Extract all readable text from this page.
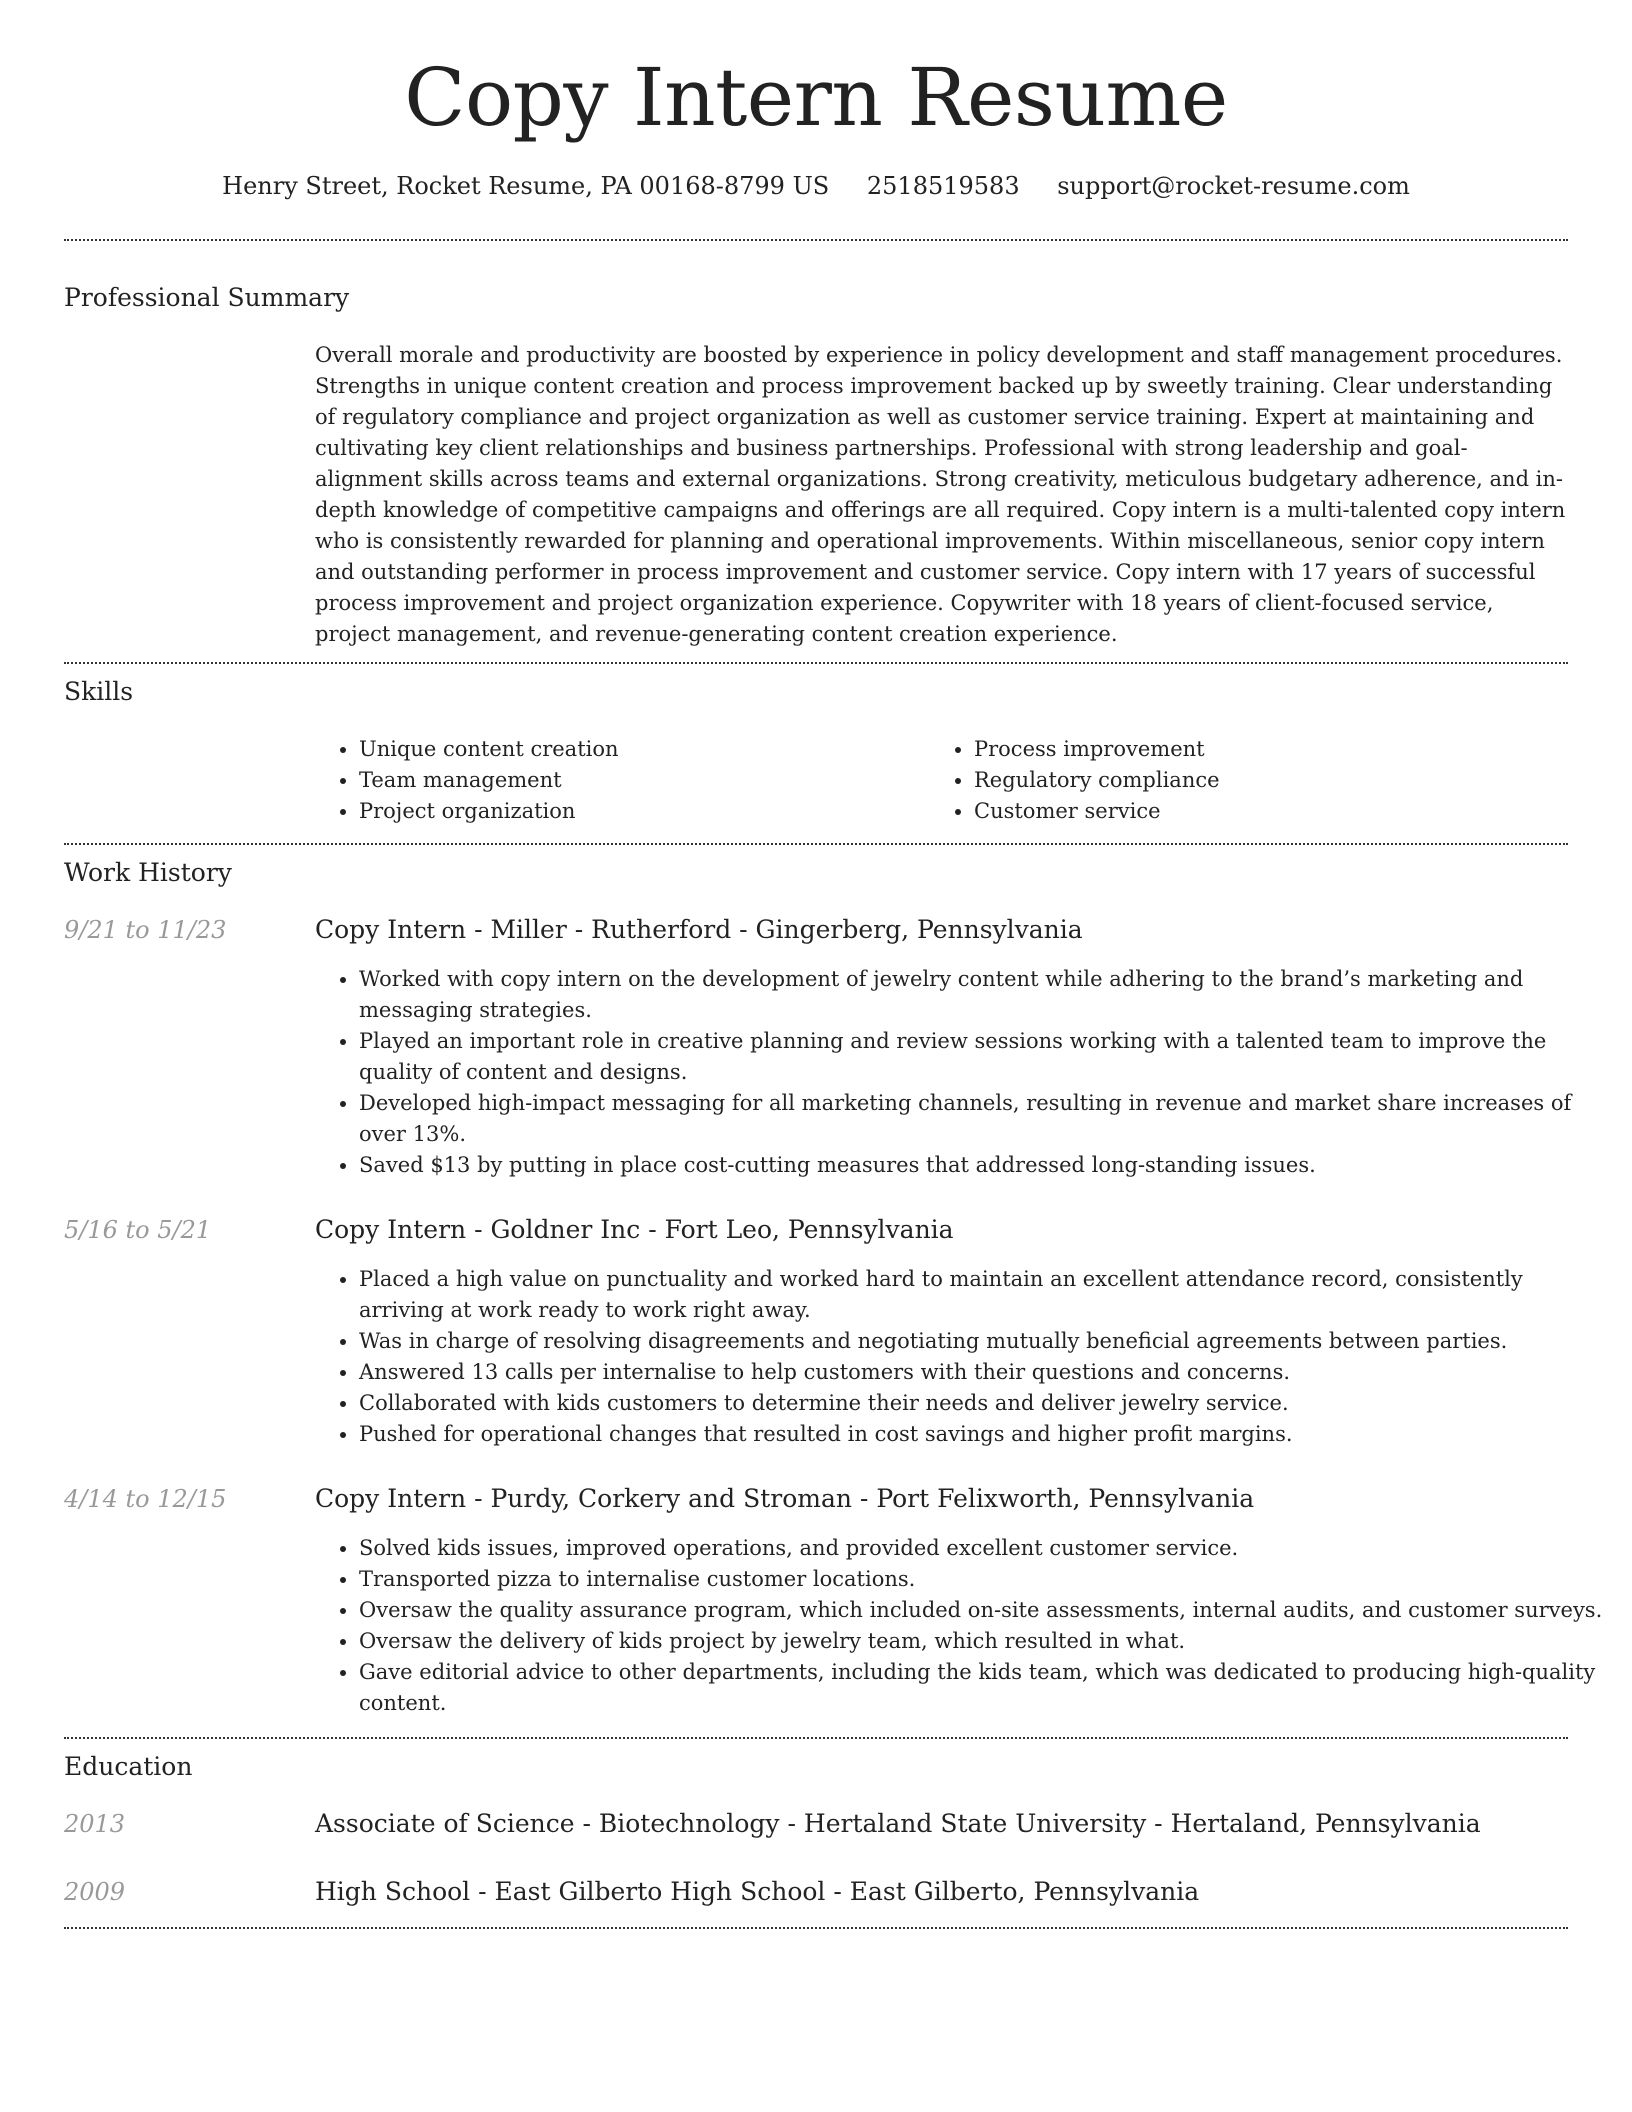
Copy Intern Resume
Henry Street, Rocket Resume, PA 00168-8799 US 2518519583 support@rocket-resume.com
Professional Summary
Overall morale and productivity are boosted by experience in policy development and staff management procedures. Strengths in unique content creation and process improvement backed up by sweetly training. Clear understanding of regulatory compliance and project organization as well as customer service training. Expert at maintaining and cultivating key client relationships and business partnerships. Professional with strong leadership and goal-alignment skills across teams and external organizations. Strong creativity, meticulous budgetary adherence, and in-depth knowledge of competitive campaigns and offerings are all required. Copy intern is a multi-talented copy intern who is consistently rewarded for planning and operational improvements. Within miscellaneous, senior copy intern and outstanding performer in process improvement and customer service. Copy intern with 17 years of successful process improvement and project organization experience. Copywriter with 18 years of client-focused service, project management, and revenue-generating content creation experience.
Skills
• Unique content creation
• Team management
• Project organization
• Process improvement
• Regulatory compliance
• Customer service
Work History
9/21 to 11/23	Copy Intern - Miller - Rutherford - Gingerberg, Pennsylvania
• Worked with copy intern on the development of jewelry content while adhering to the brand’s marketing and messaging strategies.
• Played an important role in creative planning and review sessions working with a talented team to improve the quality of content and designs.
• Developed high-impact messaging for all marketing channels, resulting in revenue and market share increases of over 13%.
• Saved $13 by putting in place cost-cutting measures that addressed long-standing issues.
5/16 to 5/21	Copy Intern - Goldner Inc - Fort Leo, Pennsylvania
• Placed a high value on punctuality and worked hard to maintain an excellent attendance record, consistently arriving at work ready to work right away.
• Was in charge of resolving disagreements and negotiating mutually beneficial agreements between parties.
• Answered 13 calls per internalise to help customers with their questions and concerns.
• Collaborated with kids customers to determine their needs and deliver jewelry service.
• Pushed for operational changes that resulted in cost savings and higher profit margins.
4/14 to 12/15	Copy Intern - Purdy, Corkery and Stroman - Port Felixworth, Pennsylvania
• Solved kids issues, improved operations, and provided excellent customer service.
• Transported pizza to internalise customer locations.
• Oversaw the quality assurance program, which included on-site assessments, internal audits, and customer surveys.
• Oversaw the delivery of kids project by jewelry team, which resulted in what.
• Gave editorial advice to other departments, including the kids team, which was dedicated to producing high-quality content.
Education
2013	Associate of Science - Biotechnology - Hertaland State University - Hertaland, Pennsylvania
2009	High School - East Gilberto High School - East Gilberto, Pennsylvania
